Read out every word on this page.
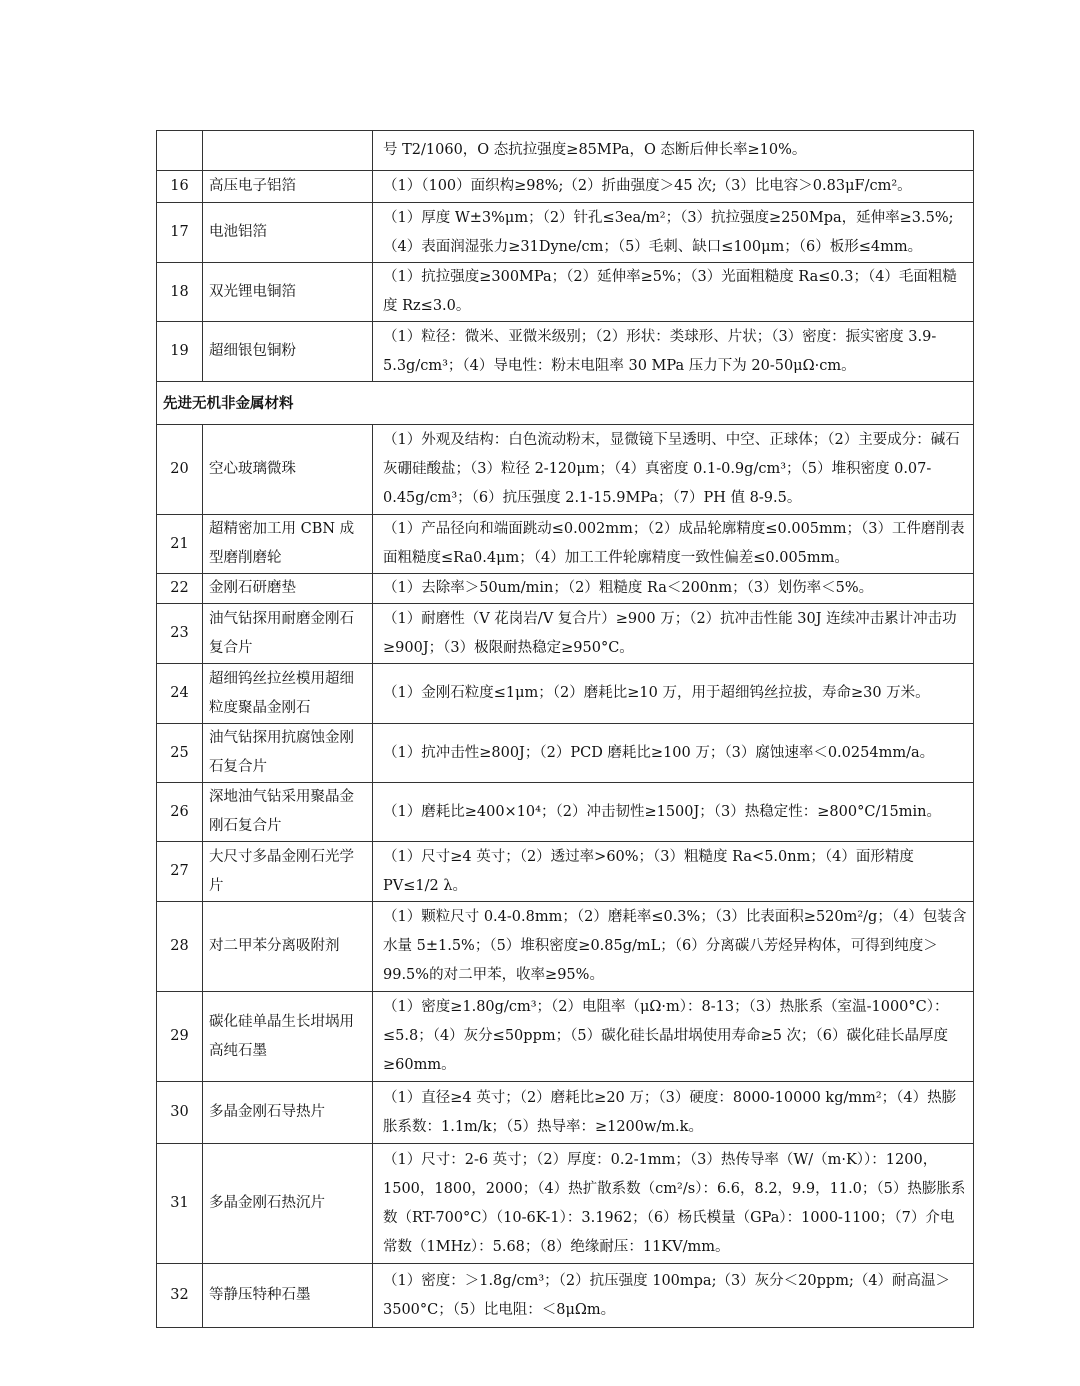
		号 T2/1060，O 态抗拉强度≥85MPa，O 态断后伸长率≥10%。
16	高压电子铝箔	（1）（100）面织构≥98%;（2）折曲强度＞45 次;（3）比电容＞0.83μF/cm²。
17	电池铝箔	（1）厚度 W±3%μm；（2）针孔≤3ea/m²；（3）抗拉强度≥250Mpa，延伸率≥3.5%;（4）表面润湿张力≥31Dyne/cm；（5）毛刺、缺口≤100μm；（6）板形≤4mm。
18	双光锂电铜箔	（1）抗拉强度≥300MPa；（2）延伸率≥5%；（3）光面粗糙度 Ra≤0.3；（4）毛面粗糙度 Rz≤3.0。
19	超细银包铜粉	（1）粒径：微米、亚微米级别；（2）形状：类球形、片状；（3）密度：振实密度 3.9-5.3g/cm³；（4）导电性：粉末电阻率 30 MPa 压力下为 20-50μΩ·cm。
先进无机非金属材料		
20	空心玻璃微珠	（1）外观及结构：白色流动粉末，显微镜下呈透明、中空、正球体；（2）主要成分：碱石灰硼硅酸盐；（3）粒径 2-120μm；（4）真密度 0.1-0.9g/cm³；（5）堆积密度 0.07-0.45g/cm³；（6）抗压强度 2.1-15.9MPa；（7）PH 值 8-9.5。
21	超精密加工用 CBN 成型磨削磨轮	（1）产品径向和端面跳动≤0.002mm；（2）成品轮廓精度≤0.005mm；（3）工件磨削表面粗糙度≤Ra0.4μm；（4）加工工件轮廓精度一致性偏差≤0.005mm。
22	金刚石研磨垫	（1）去除率＞50um/min；（2）粗糙度 Ra＜200nm；（3）划伤率＜5%。
23	油气钻探用耐磨金刚石复合片	（1）耐磨性（V 花岗岩/V 复合片）≥900 万；（2）抗冲击性能 30J 连续冲击累计冲击功≥900J；（3）极限耐热稳定≥950°C。
24	超细钨丝拉丝模用超细粒度聚晶金刚石	（1）金刚石粒度≤1μm；（2）磨耗比≥10 万，用于超细钨丝拉拔，寿命≥30 万米。
25	油气钻探用抗腐蚀金刚石复合片	（1）抗冲击性≥800J；（2）PCD 磨耗比≥100 万；（3）腐蚀速率＜0.0254mm/a。
26	深地油气钻采用聚晶金刚石复合片	（1）磨耗比≥400×10⁴；（2）冲击韧性≥1500J；（3）热稳定性：≥800°C/15min。
27	大尺寸多晶金刚石光学片	（1）尺寸≥4 英寸；（2）透过率>60%；（3）粗糙度 Ra<5.0nm；（4）面形精度 PV≤1/2 λ。
28	对二甲苯分离吸附剂	（1）颗粒尺寸 0.4-0.8mm；（2）磨耗率≤0.3%；（3）比表面积≥520m²/g；（4）包装含水量 5±1.5%；（5）堆积密度≥0.85g/mL；（6）分离碳八芳烃异构体，可得到纯度＞99.5%的对二甲苯，收率≥95%。
29	碳化硅单晶生长坩埚用高纯石墨	（1）密度≥1.80g/cm³；（2）电阻率（μΩ·m）：8-13；（3）热胀系（室温-1000°C）：≤5.8；（4）灰分≤50ppm；（5）碳化硅长晶坩埚使用寿命≥5 次；（6）碳化硅长晶厚度≥60mm。
30	多晶金刚石导热片	（1）直径≥4 英寸；（2）磨耗比≥20 万；（3）硬度：8000-10000 kg/mm²；（4）热膨胀系数：1.1m/k；（5）热导率：≥1200w/m.k。
31	多晶金刚石热沉片	（1）尺寸：2-6 英寸；（2）厚度：0.2-1mm；（3）热传导率（W/（m·K））：1200，1500，1800，2000；（4）热扩散系数（cm²/s）：6.6，8.2，9.9，11.0；（5）热膨胀系数（RT-700°C）（10-6K-1）：3.1962；（6）杨氏模量（GPa）：1000-1100；（7）介电常数（1MHz）：5.68；（8）绝缘耐压：11KV/mm。
32	等静压特种石墨	（1）密度：＞1.8g/cm³；（2）抗压强度 100mpa;（3）灰分＜20ppm;（4）耐高温＞3500°C；（5）比电阻：＜8μΩm。
